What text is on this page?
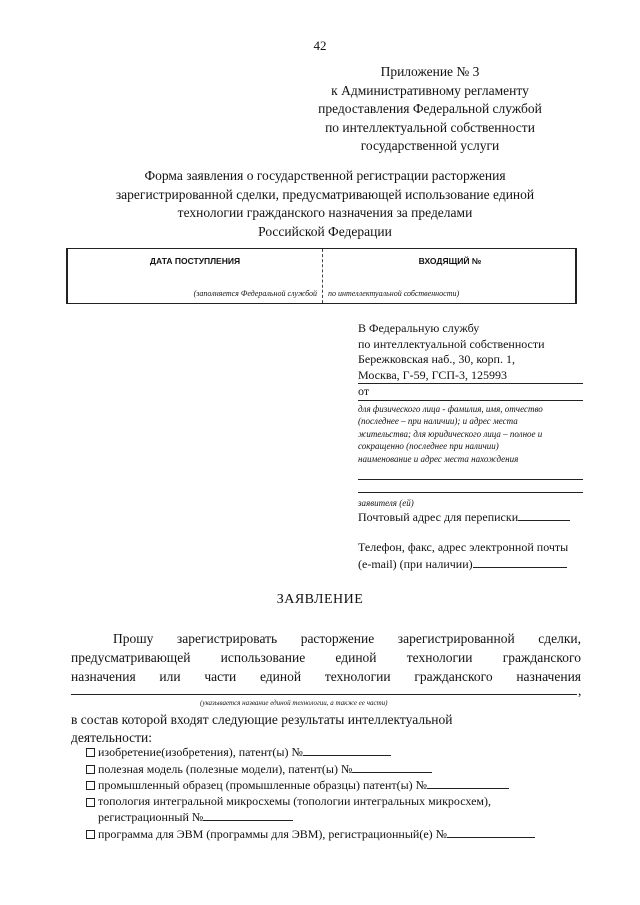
42
Приложение № 3
к Административному регламенту
предоставления Федеральной службой
по интеллектуальной собственности
государственной услуги
Форма заявления о государственной регистрации расторжения
зарегистрированной сделки, предусматривающей использование единой
технологии гражданского назначения за пределами
Российской Федерации
ДАТА ПОСТУПЛЕНИЯ	ВХОДЯЩИЙ №
(заполняется Федеральной службой по интеллектуальной собственности)
В Федеральную службу
по интеллектуальной собственности
Бережковская наб., 30, корп. 1,
Москва, Г-59, ГСП-3, 125993
от
для физического лица - фамилия, имя, отчество
(последнее – при наличии); и адрес места
жительства; для юридического лица – полное и
сокращенно (последнее при наличии)
наименование и адрес места нахождения
заявителя (ей)
Почтовый адрес для переписки
Телефон, факс, адрес электронной почты
(e-mail) (при наличии)
ЗАЯВЛЕНИЕ
Прошу зарегистрировать расторжение зарегистрированной сделки,
предусматривающей использование единой технологии гражданского
назначения или части единой технологии гражданского назначения
,
(указывается название единой технологии, а также ее части)
в состав которой входят следующие результаты интеллектуальной
деятельности:
изобретение(изобретения), патент(ы) №
полезная модель (полезные модели), патент(ы) №
промышленный образец (промышленные образцы) патент(ы) №
топология интегральной микросхемы (топологии интегральных микросхем),
регистрационный №
программа для ЭВМ (программы для ЭВМ), регистрационный(е) №
